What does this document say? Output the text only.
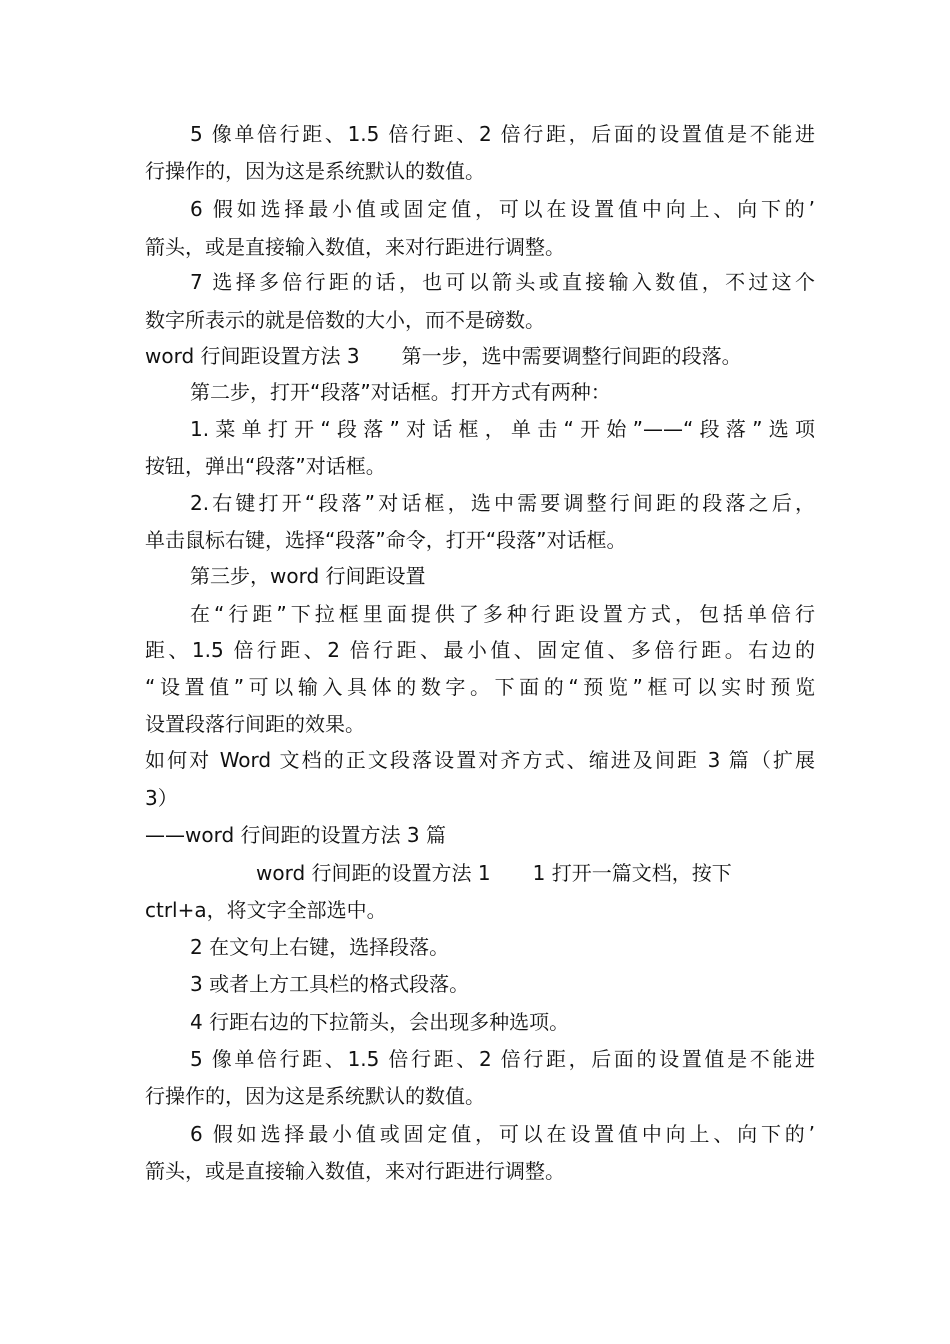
5 像单倍行距、1.5 倍行距、2 倍行距，后面的设置值是不能进
行操作的，因为这是系统默认的数值。
6 假如选择最小值或固定值，可以在设置值中向上、向下的’
箭头，或是直接输入数值，来对行距进行调整。
7 选择多倍行距的话，也可以箭头或直接输入数值，不过这个
数字所表示的就是倍数的大小，而不是磅数。
word 行间距设置方法 3 第一步，选中需要调整行间距的段落。
第二步，打开“段落”对话框。打开方式有两种：
1.菜单打开“段落”对话框，单击“开始”——“段落”选项
按钮，弹出“段落”对话框。
2.右键打开“段落”对话框，选中需要调整行间距的段落之后，
单击鼠标右键，选择“段落”命令，打开“段落”对话框。
第三步，word 行间距设置
在“行距”下拉框里面提供了多种行距设置方式，包括单倍行
距、1.5 倍行距、2 倍行距、最小值、固定值、多倍行距。右边的
“设置值”可以输入具体的数字。下面的“预览”框可以实时预览
设置段落行间距的效果。
如何对 Word 文档的正文段落设置对齐方式、缩进及间距 3 篇（扩展
3）
——word 行间距的设置方法 3 篇
word 行间距的设置方法 1 1 打开一篇文档，按下
ctrl+a，将文字全部选中。
2 在文句上右键，选择段落。
3 或者上方工具栏的格式段落。
4 行距右边的下拉箭头，会出现多种选项。
5 像单倍行距、1.5 倍行距、2 倍行距，后面的设置值是不能进
行操作的，因为这是系统默认的数值。
6 假如选择最小值或固定值，可以在设置值中向上、向下的’
箭头，或是直接输入数值，来对行距进行调整。
